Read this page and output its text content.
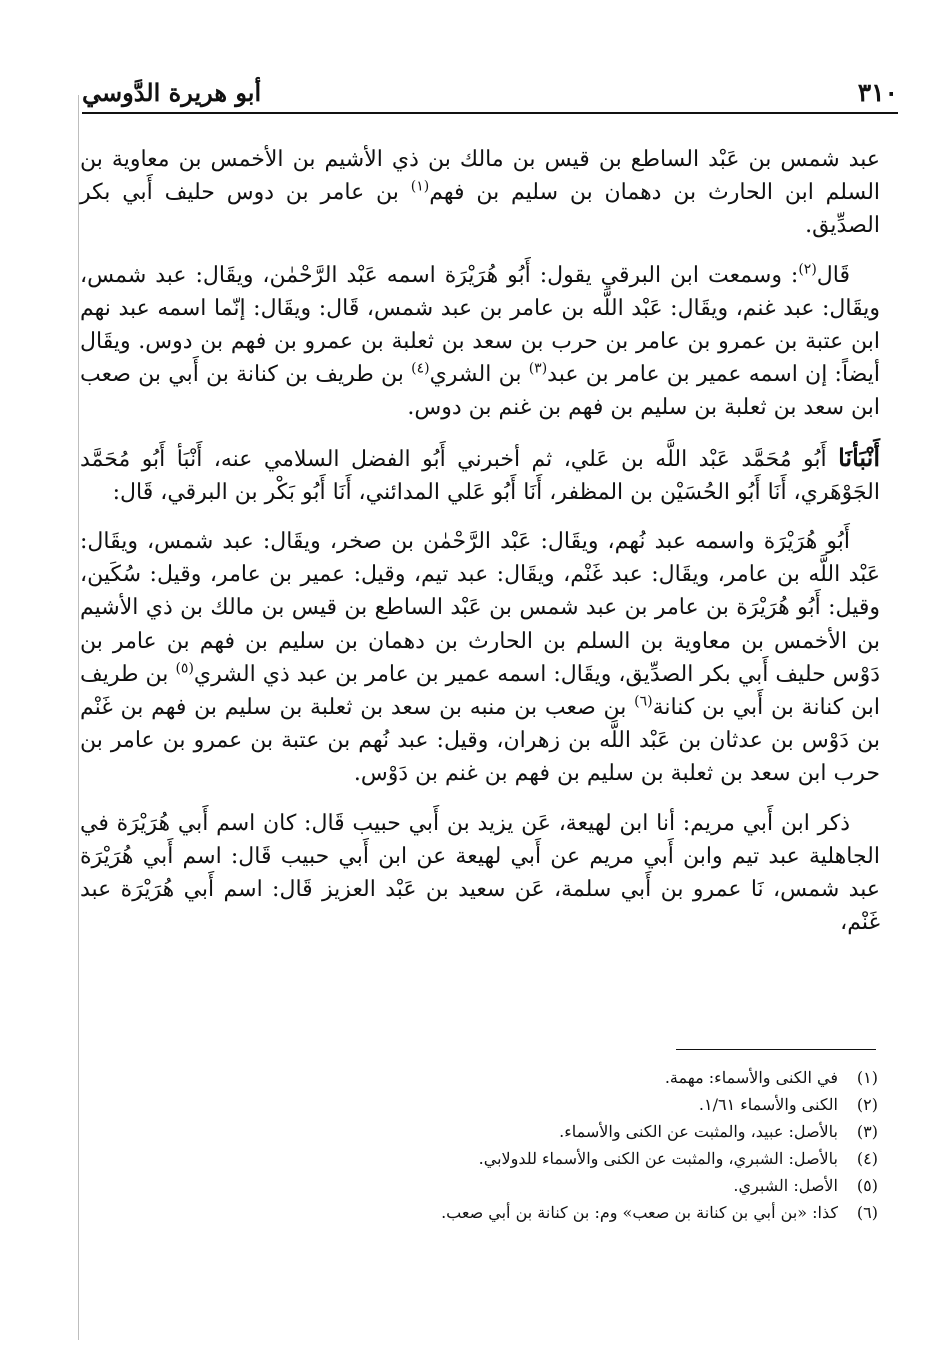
٣١٠
أبو هريرة الدَّوسي

عبد شمس بن عَبْد الساطع بن قيس بن مالك بن ذي الأشيم بن الأخمس بن معاوية بن السلم ابن الحارث بن دهمان بن سليم بن فهم$^{(١)}$ بن عامر بن دوس حليف أَبي بكر الصدِّيق.

قَال$^{(٢)}$: وسمعت ابن البرقي يقول: أَبُو هُرَيْرَة اسمه عَبْد الرَّحْمٰن، ويقَال: عبد شمس، ويقَال: عبد غنم، ويقَال: عَبْد اللَّه بن عامر بن عبد شمس، قَال: ويقَال: إنّما اسمه عبد نهم ابن عتبة بن عمرو بن عامر بن حرب بن سعد بن ثعلبة بن عمرو بن فهم بن دوس. ويقَال أيضاً: إن اسمه عمير بن عامر بن عبد$^{(٣)}$ بن الشري$^{(٤)}$ بن طريف بن كنانة بن أَبي بن صعب ابن سعد بن ثعلبة بن سليم بن فهم بن غنم بن دوس.

أَنْبَأنَا أَبُو مُحَمَّد عَبْد اللَّه بن عَلي، ثم أخبرني أَبُو الفضل السلامي عنه، أَنْبَأ أَبُو مُحَمَّد الجَوْهَري، أَنَا أَبُو الحُسَيْن بن المظفر، أَنَا أَبُو عَلي المدائني، أَنَا أَبُو بَكْر بن البرقي، قَال:

أَبُو هُرَيْرَة واسمه عبد نُهم، ويقَال: عَبْد الرَّحْمٰن بن صخر، ويقَال: عبد شمس، ويقَال: عَبْد اللَّه بن عامر، ويقَال: عبد غَنْم، ويقَال: عبد تيم، وقيل: عمير بن عامر، وقيل: سُكَين، وقيل: أَبُو هُرَيْرَة بن عامر بن عبد شمس بن عَبْد الساطع بن قيس بن مالك بن ذي الأشيم بن الأخمس بن معاوية بن السلم بن الحارث بن دهمان بن سليم بن فهم بن عامر بن دَوْس حليف أَبي بكر الصدِّيق، ويقَال: اسمه عمير بن عامر بن عبد ذي الشري$^{(٥)}$ بن طريف ابن كنانة بن أَبي بن كنانة$^{(٦)}$ بن صعب بن منبه بن سعد بن ثعلبة بن سليم بن فهم بن غَنْم بن دَوْس بن عدثان بن عَبْد اللَّه بن زهران، وقيل: عبد نُهم بن عتبة بن عمرو بن عامر بن حرب ابن سعد بن ثعلبة بن سليم بن فهم بن غنم بن دَوْس.

ذكر ابن أَبي مريم: أنا ابن لهيعة، عَن يزيد بن أَبي حبيب قَال: كان اسم أَبي هُرَيْرَة في الجاهلية عبد تيم وابن أَبي مريم عن أَبي لهيعة عن ابن أَبي حبيب قَال: اسم أَبي هُرَيْرَة عبد شمس، نَا عمرو بن أَبي سلمة، عَن سعيد بن عَبْد العزيز قَال: اسم أَبي هُرَيْرَة عبد غَنْم،

(١)
في الكنى والأسماء: مهمة.
(٢)
الكنى والأسماء ١/٦١.
(٣)
بالأصل: عبيد، والمثبت عن الكنى والأسماء.
(٤)
بالأصل: الشبري، والمثبت عن الكنى والأسماء للدولابي.
(٥)
الأصل: الشبري.
(٦)
كذا: «بن أبي بن كنانة بن صعب» وم: بن كنانة بن أبي صعب.
